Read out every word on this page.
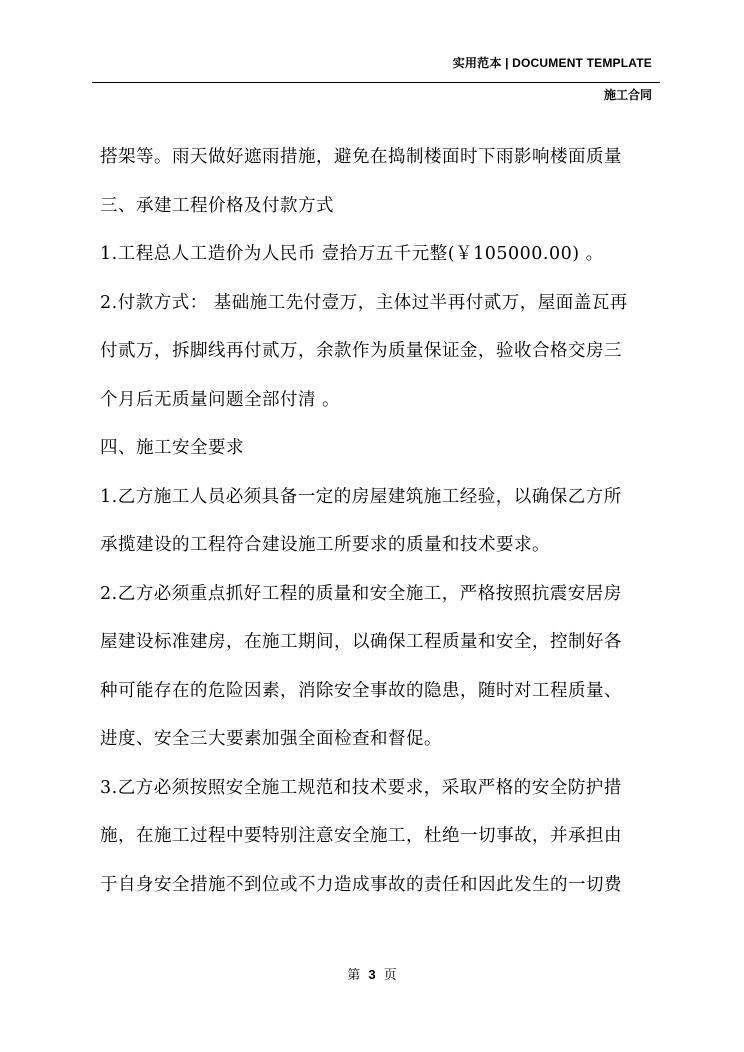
实用范本 | DOCUMENT TEMPLATE
施工合同
搭架等。雨天做好遮雨措施，避免在捣制楼面时下雨影响楼面质量
三、承建工程价格及付款方式
1.工程总人工造价为人民币 壹拾万五千元整(￥105000.00) 。
2.付款方式： 基础施工先付壹万，主体过半再付贰万，屋面盖瓦再
付贰万，拆脚线再付贰万，余款作为质量保证金，验收合格交房三
个月后无质量问题全部付清 。
四、施工安全要求
1.乙方施工人员必须具备一定的房屋建筑施工经验，以确保乙方所
承揽建设的工程符合建设施工所要求的质量和技术要求。
2.乙方必须重点抓好工程的质量和安全施工，严格按照抗震安居房
屋建设标准建房，在施工期间，以确保工程质量和安全，控制好各
种可能存在的危险因素，消除安全事故的隐患，随时对工程质量、
进度、安全三大要素加强全面检查和督促。
3.乙方必须按照安全施工规范和技术要求，采取严格的安全防护措
施，在施工过程中要特别注意安全施工，杜绝一切事故，并承担由
于自身安全措施不到位或不力造成事故的责任和因此发生的一切费
第 3 页
